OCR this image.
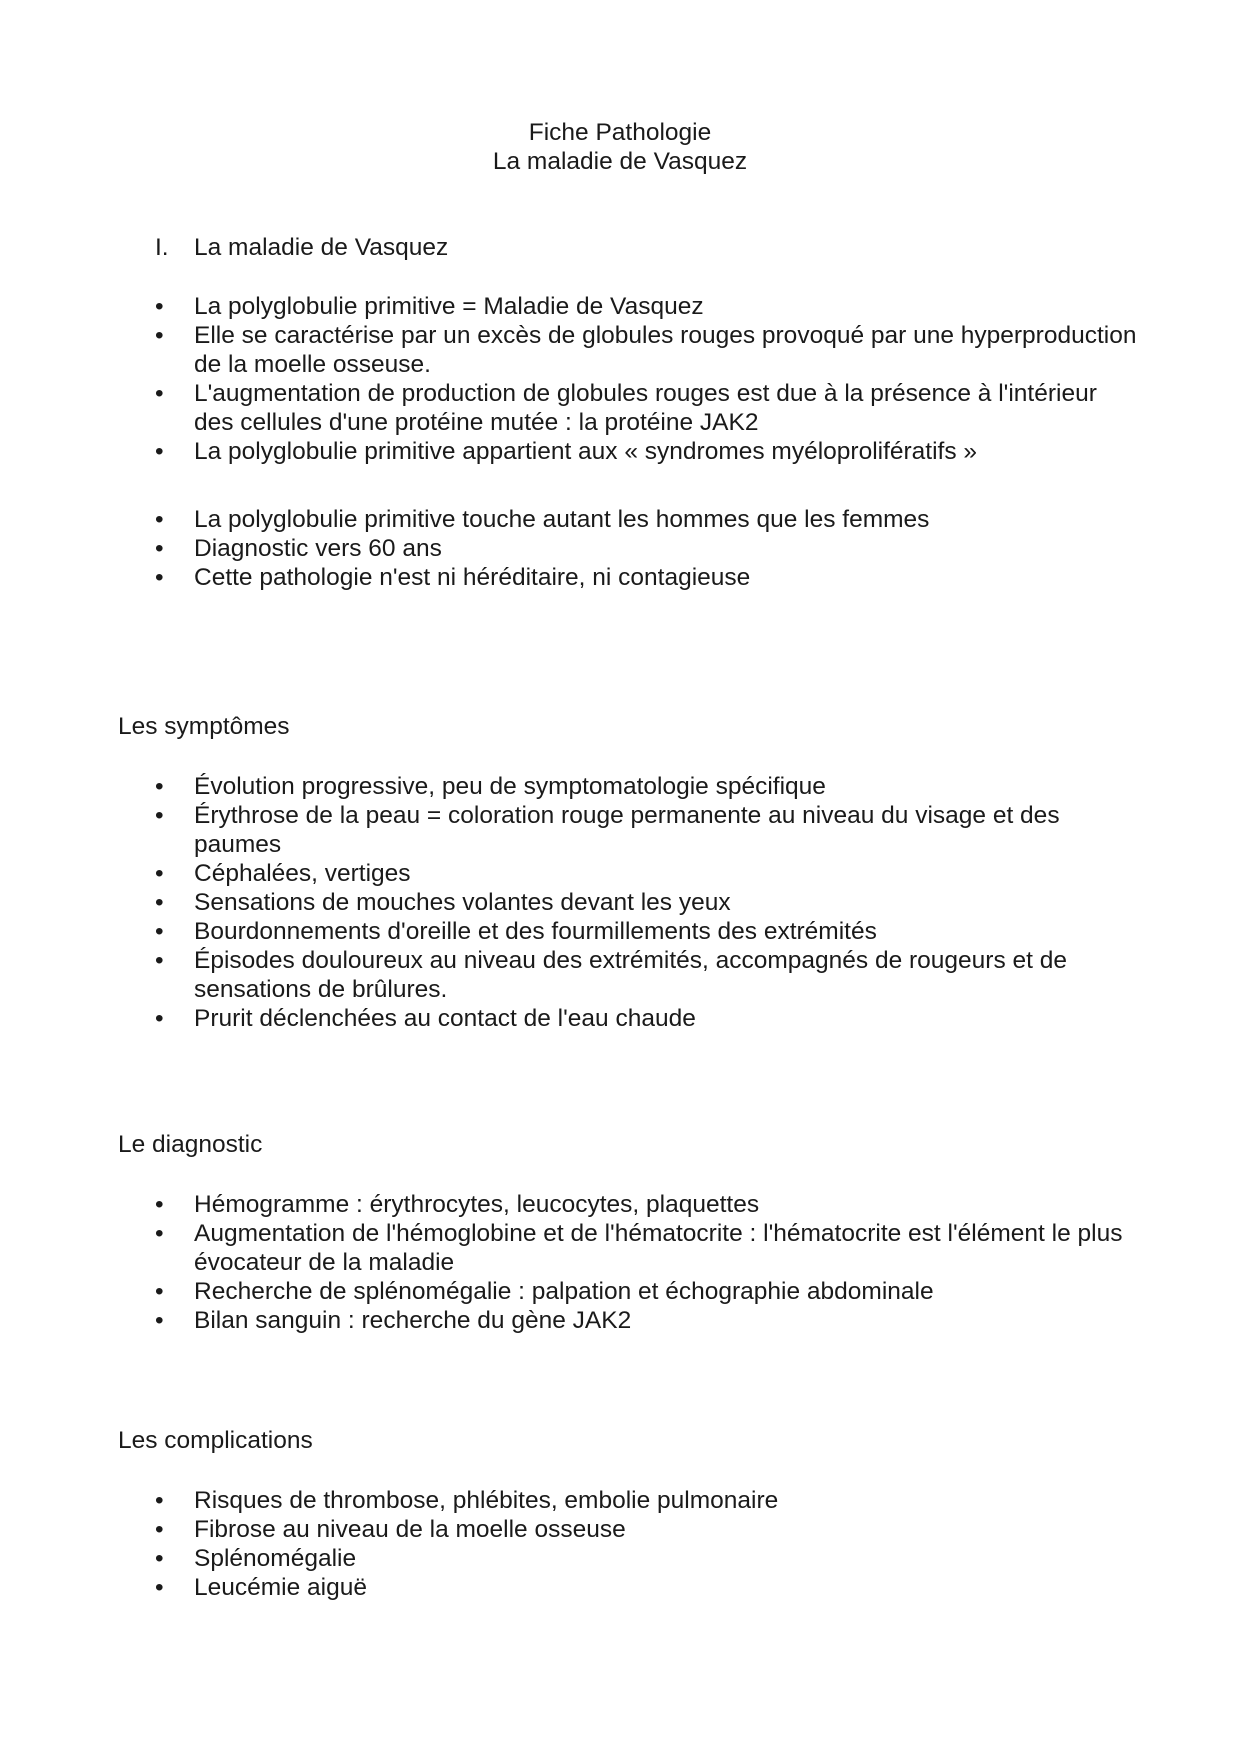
Fiche Pathologie
La maladie de Vasquez
I. La maladie de Vasquez
•	La polyglobulie primitive = Maladie de Vasquez
•	Elle se caractérise par un excès de globules rouges provoqué par une hyperproduction de la moelle osseuse.
•	L'augmentation de production de globules rouges est due à la présence à l'intérieur des cellules d'une protéine mutée : la protéine JAK2
•	La polyglobulie primitive appartient aux « syndromes myéloprolifératifs »
•	La polyglobulie primitive touche autant les hommes que les femmes
•	Diagnostic vers 60 ans
•	Cette pathologie n'est ni héréditaire, ni contagieuse
Les symptômes
•	Évolution progressive, peu de symptomatologie spécifique
•	Érythrose de la peau = coloration rouge permanente au niveau du visage et des paumes
•	Céphalées, vertiges
•	Sensations de mouches volantes devant les yeux
•	Bourdonnements d'oreille et des fourmillements des extrémités
•	Épisodes douloureux au niveau des extrémités, accompagnés de rougeurs et de sensations de brûlures.
•	Prurit déclenchées au contact de l'eau chaude
Le diagnostic
•	Hémogramme : érythrocytes, leucocytes, plaquettes
•	Augmentation de l'hémoglobine et de l'hématocrite : l'hématocrite est l'élément le plus évocateur de la maladie
•	Recherche de splénomégalie : palpation et échographie abdominale
•	Bilan sanguin : recherche du gène JAK2
Les complications
•	Risques de thrombose, phlébites, embolie pulmonaire
•	Fibrose au niveau de la moelle osseuse
•	Splénomégalie
•	Leucémie aiguë
